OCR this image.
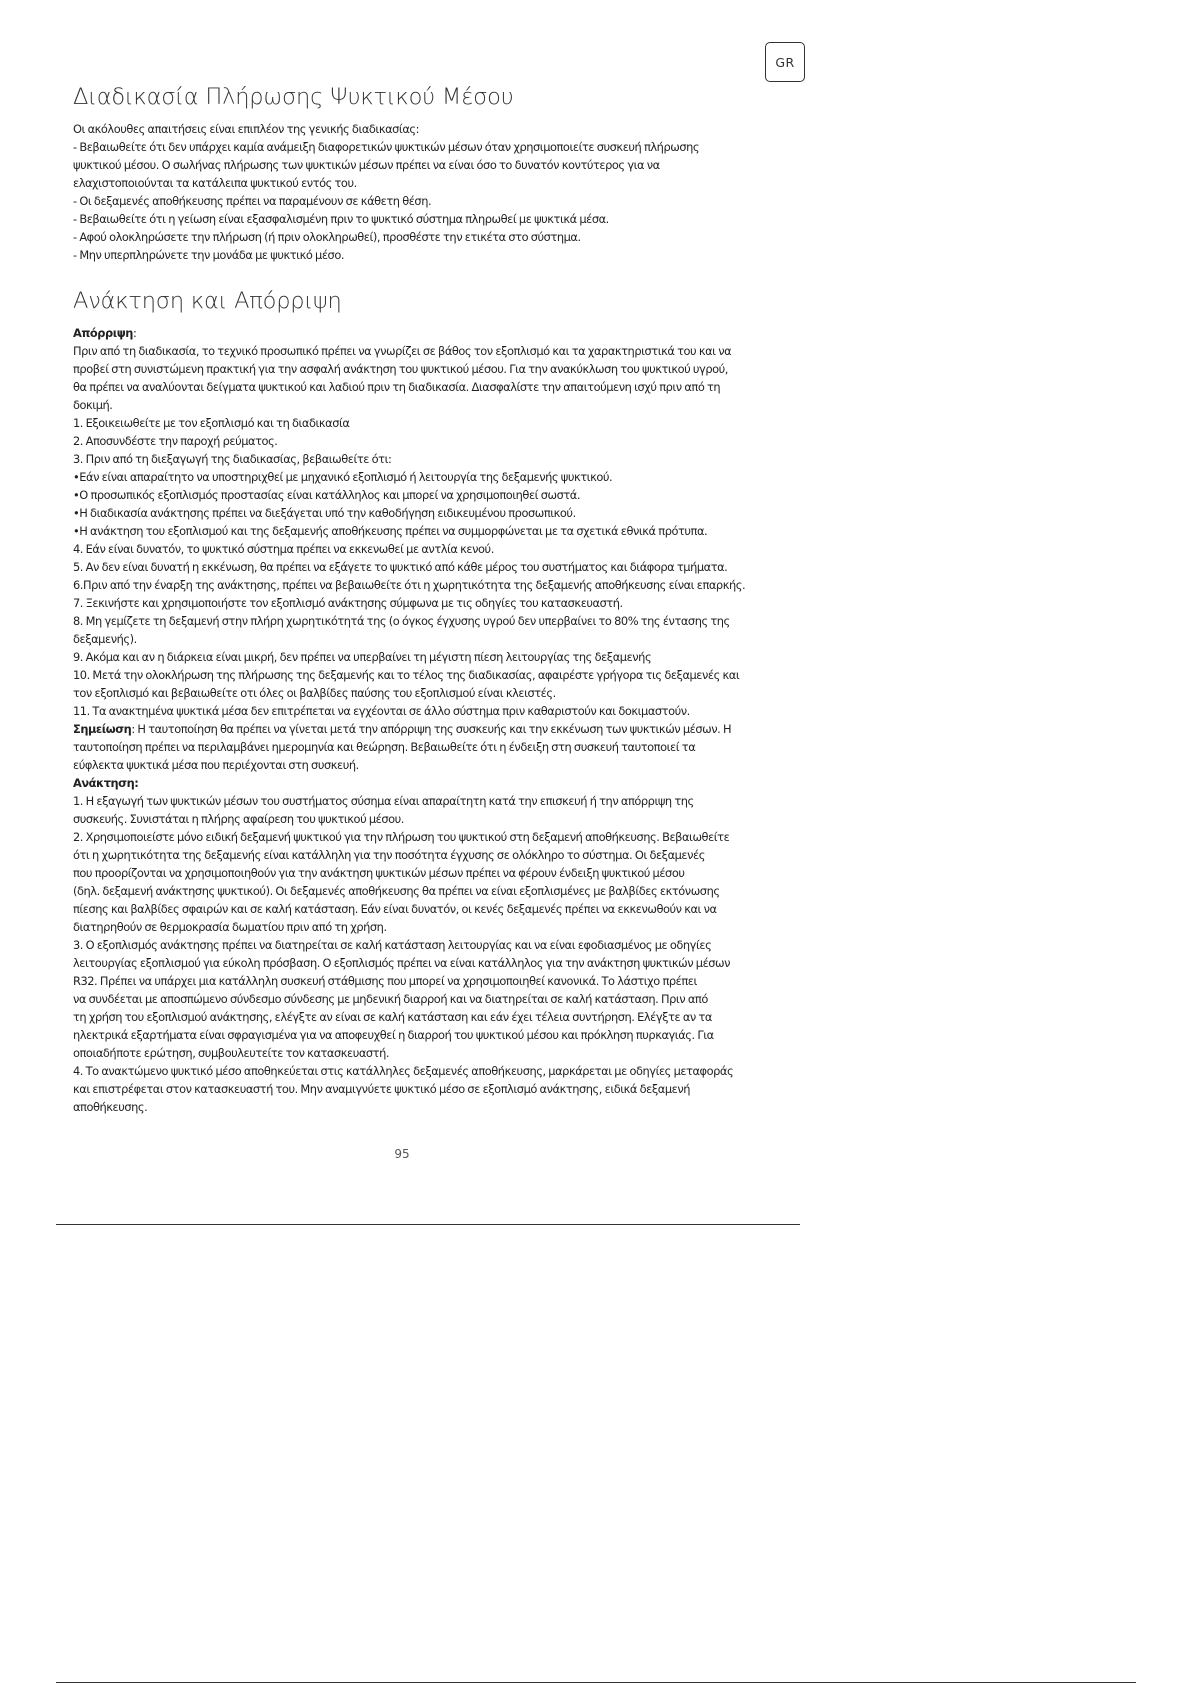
GR
Διαδικασία Πλήρωσης Ψυκτικού Μέσου
Οι ακόλουθες απαιτήσεις είναι επιπλέον της γενικής διαδικασίας:
- Βεβαιωθείτε ότι δεν υπάρχει καμία ανάμειξη διαφορετικών ψυκτικών μέσων όταν χρησιμοποιείτε συσκευή πλήρωσης
ψυκτικού μέσου. Ο σωλήνας πλήρωσης των ψυκτικών μέσων πρέπει να είναι όσο το δυνατόν κοντύτερος για να
ελαχιστοποιούνται τα κατάλειπα ψυκτικού εντός του.
- Οι δεξαμενές αποθήκευσης πρέπει να παραμένουν σε κάθετη θέση.
- Βεβαιωθείτε ότι η γείωση είναι εξασφαλισμένη πριν το ψυκτικό σύστημα πληρωθεί με ψυκτικά μέσα.
- Αφού ολοκληρώσετε την πλήρωση (ή πριν ολοκληρωθεί), προσθέστε την ετικέτα στο σύστημα.
- Μην υπερπληρώνετε την μονάδα με ψυκτικό μέσο.
Ανάκτηση και Απόρριψη
Απόρριψη:
Πριν από τη διαδικασία, το τεχνικό προσωπικό πρέπει να γνωρίζει σε βάθος τον εξοπλισμό και τα χαρακτηριστικά του και να
προβεί στη συνιστώμενη πρακτική για την ασφαλή ανάκτηση του ψυκτικού μέσου. Για την ανακύκλωση του ψυκτικού υγρού,
θα πρέπει να αναλύονται δείγματα ψυκτικού και λαδιού πριν τη διαδικασία. Διασφαλίστε την απαιτούμενη ισχύ πριν από τη
δοκιμή.
1. Εξοικειωθείτε με τον εξοπλισμό και τη διαδικασία
2. Αποσυνδέστε την παροχή ρεύματος.
3. Πριν από τη διεξαγωγή της διαδικασίας, βεβαιωθείτε ότι:
•Εάν είναι απαραίτητο να υποστηριχθεί με μηχανικό εξοπλισμό ή λειτουργία της δεξαμενής ψυκτικού.
•Ο προσωπικός εξοπλισμός προστασίας είναι κατάλληλος και μπορεί να χρησιμοποιηθεί σωστά.
•Η διαδικασία ανάκτησης πρέπει να διεξάγεται υπό την καθοδήγηση ειδικευμένου προσωπικού.
•Η ανάκτηση του εξοπλισμού και της δεξαμενής αποθήκευσης πρέπει να συμμορφώνεται με τα σχετικά εθνικά πρότυπα.
4. Εάν είναι δυνατόν, το ψυκτικό σύστημα πρέπει να εκκενωθεί με αντλία κενού.
5. Αν δεν είναι δυνατή η εκκένωση, θα πρέπει να εξάγετε το ψυκτικό από κάθε μέρος του συστήματος και διάφορα τμήματα.
6.Πριν από την έναρξη της ανάκτησης, πρέπει να βεβαιωθείτε ότι η χωρητικότητα της δεξαμενής αποθήκευσης είναι επαρκής.
7. Ξεκινήστε και χρησιμοποιήστε τον εξοπλισμό ανάκτησης σύμφωνα με τις οδηγίες του κατασκευαστή.
8. Μη γεμίζετε τη δεξαμενή στην πλήρη χωρητικότητά της (ο όγκος έγχυσης υγρού δεν υπερβαίνει το 80% της έντασης της
δεξαμενής).
9. Ακόμα και αν η διάρκεια είναι μικρή, δεν πρέπει να υπερβαίνει τη μέγιστη πίεση λειτουργίας της δεξαμενής
10. Μετά την ολοκλήρωση της πλήρωσης της δεξαμενής και το τέλος της διαδικασίας, αφαιρέστε γρήγορα τις δεξαμενές και
τον εξοπλισμό και βεβαιωθείτε οτι όλες οι βαλβίδες παύσης του εξοπλισμού είναι κλειστές.
11. Τα ανακτημένα ψυκτικά μέσα δεν επιτρέπεται να εγχέονται σε άλλο σύστημα πριν καθαριστούν και δοκιμαστούν.
Σημείωση: Η ταυτοποίηση θα πρέπει να γίνεται μετά την απόρριψη της συσκευής και την εκκένωση των ψυκτικών μέσων. Η
ταυτοποίηση πρέπει να περιλαμβάνει ημερομηνία και θεώρηση. Βεβαιωθείτε ότι η ένδειξη στη συσκευή ταυτοποιεί τα
εύφλεκτα ψυκτικά μέσα που περιέχονται στη συσκευή.
Ανάκτηση:
1. Η εξαγωγή των ψυκτικών μέσων του συστήματος σύσημα είναι απαραίτητη κατά την επισκευή ή την απόρριψη της
συσκευής. Συνιστάται η πλήρης αφαίρεση του ψυκτικού μέσου.
2. Χρησιμοποιείστε μόνο ειδική δεξαμενή ψυκτικού για την πλήρωση του ψυκτικού στη δεξαμενή αποθήκευσης. Βεβαιωθείτε
ότι η χωρητικότητα της δεξαμενής είναι κατάλληλη για την ποσότητα έγχυσης σε ολόκληρο το σύστημα. Οι δεξαμενές
που προορίζονται να χρησιμοποιηθούν για την ανάκτηση ψυκτικών μέσων πρέπει να φέρουν ένδειξη ψυκτικού μέσου
(δηλ. δεξαμενή ανάκτησης ψυκτικού). Οι δεξαμενές αποθήκευσης θα πρέπει να είναι εξοπλισμένες με βαλβίδες εκτόνωσης
πίεσης και βαλβίδες σφαιρών και σε καλή κατάσταση. Εάν είναι δυνατόν, οι κενές δεξαμενές πρέπει να εκκενωθούν και να
διατηρηθούν σε θερμοκρασία δωματίου πριν από τη χρήση.
3. Ο εξοπλισμός ανάκτησης πρέπει να διατηρείται σε καλή κατάσταση λειτουργίας και να είναι εφοδιασμένος με οδηγίες
λειτουργίας εξοπλισμού για εύκολη πρόσβαση. Ο εξοπλισμός πρέπει να είναι κατάλληλος για την ανάκτηση ψυκτικών μέσων
R32. Πρέπει να υπάρχει μια κατάλληλη συσκευή στάθμισης που μπορεί να χρησιμοποιηθεί κανονικά. Το λάστιχο πρέπει
να συνδέεται με αποσπώμενο σύνδεσμο σύνδεσης με μηδενική διαρροή και να διατηρείται σε καλή κατάσταση. Πριν από
τη χρήση του εξοπλισμού ανάκτησης, ελέγξτε αν είναι σε καλή κατάσταση και εάν έχει τέλεια συντήρηση. Ελέγξτε αν τα
ηλεκτρικά εξαρτήματα είναι σφραγισμένα για να αποφευχθεί η διαρροή του ψυκτικού μέσου και πρόκληση πυρκαγιάς. Για
οποιαδήποτε ερώτηση, συμβουλευτείτε τον κατασκευαστή.
4. Το ανακτώμενο ψυκτικό μέσο αποθηκεύεται στις κατάλληλες δεξαμενές αποθήκευσης, μαρκάρεται με οδηγίες μεταφοράς
και επιστρέφεται στον κατασκευαστή του. Μην αναμιγνύετε ψυκτικό μέσο σε εξοπλισμό ανάκτησης, ειδικά δεξαμενή
αποθήκευσης.
95
